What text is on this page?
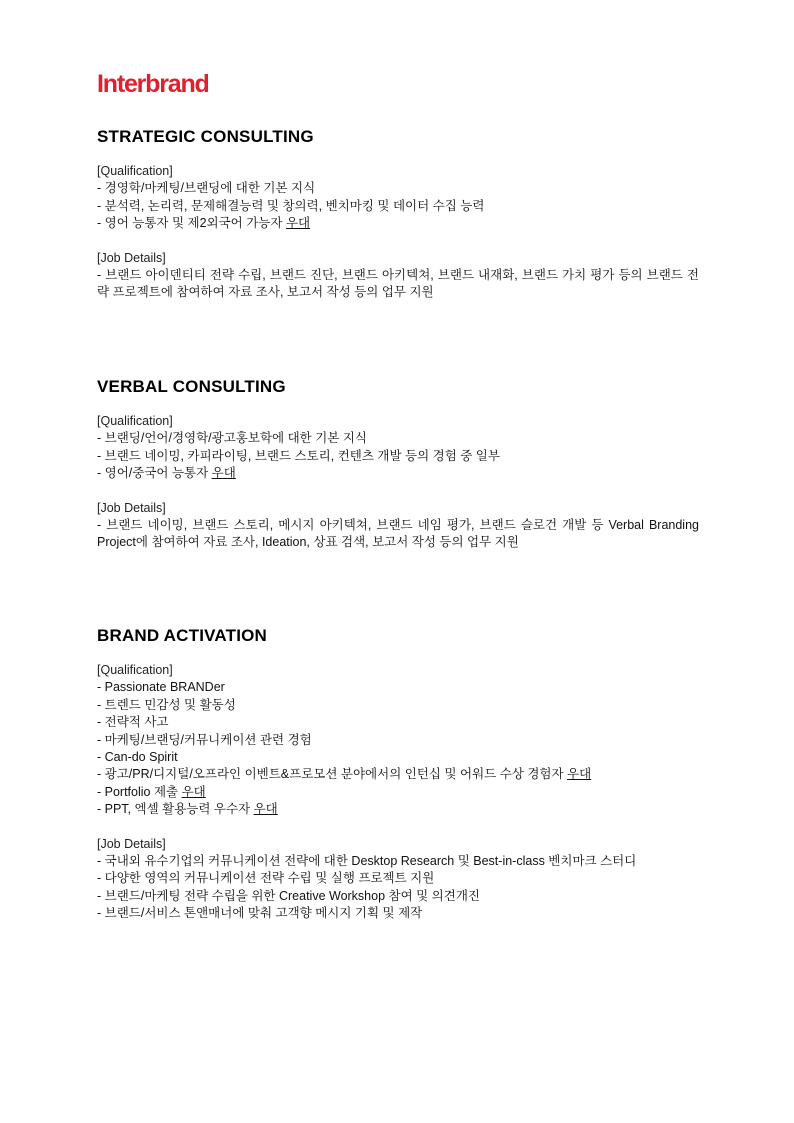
Interbrand
STRATEGIC CONSULTING

[Qualification]

- 경영학/마케팅/브랜딩에 대한 기본 지식
- 분석력, 논리력, 문제해결능력 및 창의력, 벤치마킹 및 데이터 수집 능력
- 영어 능통자 및 제2외국어 가능자 우대

[Job Details]

- 브랜드 아이덴티티 전략 수립, 브랜드 진단, 브랜드 아키텍쳐, 브랜드 내재화, 브랜드 가치 평가 등의 브랜드 전략 프로젝트에 참여하여 자료 조사, 보고서 작성 등의 업무 지원

VERBAL CONSULTING

[Qualification]

- 브랜딩/언어/경영학/광고홍보학에 대한 기본 지식
- 브랜드 네이밍, 카피라이팅, 브랜드 스토리, 컨텐츠 개발 등의 경험 중 일부
- 영어/중국어 능통자 우대

[Job Details]

- 브랜드 네이밍, 브랜드 스토리, 메시지 아키텍쳐, 브랜드 네임 평가, 브랜드 슬로건 개발 등 Verbal Branding Project에 참여하여 자료 조사, Ideation, 상표 검색, 보고서 작성 등의 업무 지원

BRAND ACTIVATION

[Qualification]

- Passionate BRANDer
- 트렌드 민감성 및 활동성
- 전략적 사고
- 마케팅/브랜딩/커뮤니케이션 관련 경험
- Can-do Spirit
- 광고/PR/디지털/오프라인 이벤트&프로모션 분야에서의 인턴십 및 어워드 수상 경험자 우대
- Portfolio 제출 우대
- PPT, 엑셀 활용능력 우수자 우대

[Job Details]

- 국내외 유수기업의 커뮤니케이션 전략에 대한 Desktop Research 및 Best-in-class 벤치마크 스터디
- 다양한 영역의 커뮤니케이션 전략 수립 및 실행 프로젝트 지원
- 브랜드/마케팅 전략 수립을 위한 Creative Workshop 참여 및 의견개진
- 브랜드/서비스 톤앤매너에 맞춰 고객향 메시지 기획 및 제작
